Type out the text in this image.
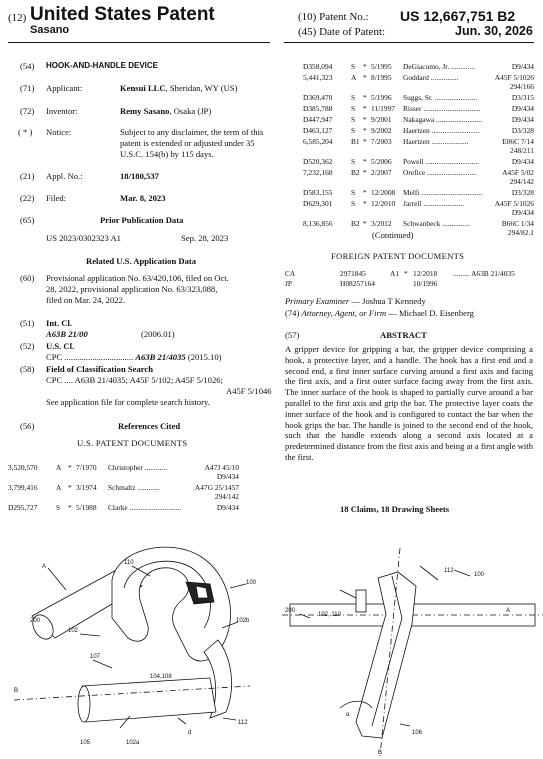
(12) United States Patent
Sasano
(10) Patent No.: US 12,667,751 B2
(45) Date of Patent:	Jun. 30, 2026
(54) HOOK-AND-HANDLE DEVICE
(71) Applicant:	Kensui LLC, Sheridan, WY (US)
(72) Inventor:	Remy Sasano, Osaka (JP)
( * ) Notice:	Subject to any disclaimer, the term of this
patent is extended or adjusted under 35
U.S.C. 154(b) by 115 days.
(21) Appl. No.:	18/180,537
(22) Filed:	Mar. 8, 2023
(65)	Prior Publication Data
US 2023/0302323 A1	Sep. 28, 2023
Related U.S. Application Data
(60) Provisional application No. 63/420,106, filed on Oct.
28, 2022, provisional application No. 63/323,088,
filed on Mar. 24, 2022.
(51) Int. Cl.
A63B 21/00	(2006.01)
(52) U.S. Cl.
CPC ................................ A63B 21/4035 (2015.10)
(58) Field of Classification Search
CPC .... A63B 21/4035; A45F 5/102; A45F 5/1026;
A45F 5/1046
See application file for complete search history.
(56)	References Cited
U.S. PATENT DOCUMENTS
3,520,570 A * 7/1970 Christopher ............	A47J 45/10
D9/434
3,799,416 A * 3/1974 Schmaltz ............	A47G 25/1457
294/142
D295,727	S * 5/1988 Clarke ............................	D9/434
D358,094	S * 5/1995 DeGiacomo, Jr. .............	D9/434
5,441,323 A * 8/1995 Goddard ...............	A45F 5/1026
294/166
D369,470	S * 5/1996 Suggs, Sr. .......................	D3/315
D385,788	S * 11/1997 Risser ...............................	D9/434
D447,947	S * 9/2001 Nakagawa .........................	D9/434
D463,127	S * 9/2002 Haertzen ..........................	D3/328
6,585,204 B1 * 7/2003 Haertzen ....................	E06C 7/14
248/211
D520,362	S * 5/2006 Powell .............................	D9/434
7,232,168 B2 * 2/2007 Orefice ...........................	A45F 5/02
294/142
D583,155	S * 12/2008 Melfi .................................	D3/328
D629,301	S * 12/2010 Jarrell ......................	A45F 5/1026
D9/434
8,136,856 B2 * 3/2012 Schwanbeck ...............	B66C 1/34
294/82.1
(Continued)
FOREIGN PATENT DOCUMENTS
CA	2971845	A1 * 12/2018 ......... A63B 21/4035
JP	H08257164	10/1996
Primary Examiner — Joshua T Kennedy
(74) Attorney, Agent, or Firm — Michael D. Eisenberg
(57)	ABSTRACT
A gripper device for gripping a bar, the gripper device comprising a hook, a protective layer, and a handle. The hook has a first end and a second end, a first inner surface curving around a first axis and facing the first axis, and a first outer surface facing away from the first axis. The inner surface of the hook is shaped to partially curve around a bar parallel to the first axis and grip the bar. The protective layer coats the inner surface of the hook and is configured to contact the bar when the hook grips the bar. The handle is joined to the second end of the hook, such that the handle extends along a second axis located at a predetermined distance from the first axis and being at a first angle with the first.
18 Claims, 18 Drawing Sheets
A
110
100
200	102b
102
107
104,108
B
112
105	102a
d
112
100
200
102, 110
A
α
B
106
